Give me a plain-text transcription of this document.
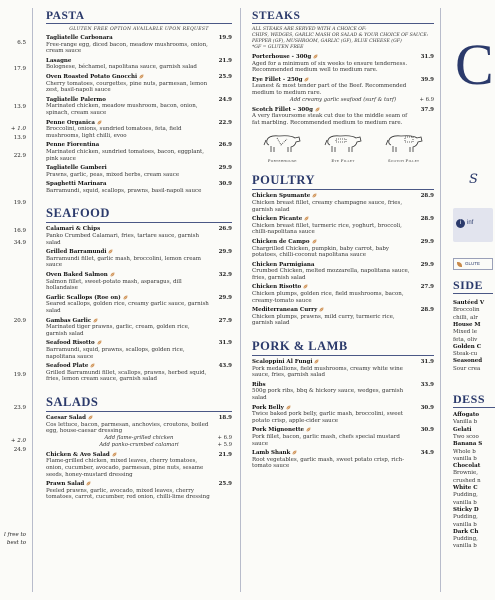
6.5
17.9
13.9
+ 1.0
13.9
22.9
19.9
16.9
34.9
20.9
19.9
23.9
+ 2.0
24.9
l free to
best to
PASTA
GLUTEN FREE OPTION AVAILABLE UPON REQUEST
Tagliatelle Carbonara	19.9
Free-range egg, diced bacon, meadow mushrooms, onion, cream sauce
Lasagne	21.9
Bolognese, béchamel, napolitana sauce, garnish salad
Oven Roasted Potato Gnocchi	25.9
Cherry tomatoes, courgettes, pine nuts, parmesan, lemon zest, basil-napoli sauce
Tagliatelle Palermo	24.9
Marinated chicken, meadow mushroom, bacon, onion, spinach, cream sauce
Penne Organica	22.9
Broccolini, onions, sundried tomatoes, feta, field mushrooms, light chilli, evoo
Penne Fiorentina	26.9
Marinated chicken, sundried tomatoes, bacon, eggplant, pink sauce
Tagliatelle Gamberi	29.9
Prawns, garlic, peas, mixed herbs, cream sauce
Spaghetti Marinara	30.9
Barramundi, squid, scallops, prawns, basil-napoli sauce
SEAFOOD
Calamari & Chips	26.9
Panko Crumbed Calamari, fries, tartare sauce, garnish salad
Grilled Barramundi	29.9
Barramundi fillet, garlic mash, broccolini, lemon cream sauce
Oven Baked Salmon	32.9
Salmon fillet, sweet-potato mash, asparagus, dill hollandaise
Garlic Scallops (Roe on)	29.9
Seared scallops, golden rice, creamy garlic sauce, garnish salad
Gambas Garlic	27.9
Marinated tiger prawns, garlic, cream, golden rice, garnish salad
Seafood Risotto	31.9
Barramundi, squid, prawns, scallops, golden rice, napolitana sauce
Seafood Plate	43.9
Grilled Barramundi fillet, scallops, prawns, herbed squid, fries, lemon cream sauce, garnish salad
SALADS
Caesar Salad	18.9
Cos lettuce, bacon, parmesan, anchovies, croutons, boiled egg, house-caesar dressing
Add flame-grilled chicken	+ 6.9
Add panko-crumbed calamari	+ 5.9
Chicken & Avo Salad	21.9
Flame-grilled chicken, mixed leaves, cherry tomatoes, onion, cucumber, avocado, parmesan, pine nuts, sesame seeds, honey-mustard dressing
Prawn Salad	25.9
Peeled prawns, garlic, avocado, mixed leaves, cherry tomatoes, carrot, cucumber, red onion, chilli-lime dressing
STEAKS
ALL STEAKS ARE SERVED WITH A CHOICE OF:
CHIPS, WEDGES, GARLIC MASH OR SALAD & YOUR CHOICE OF SAUCE:
PEPPER (GF), MUSHROOM, GARLIC (GF), BLUE CHEESE (GF)
*GF = GLUTEN FREE
Porterhouse - 300g	31.9
Aged for a minimum of six weeks to ensure tenderness. Recommended medium well to medium rare.
Eye Fillet - 250g	39.9
Leanest & most tender part of the Beef. Recommended medium to medium rare.
Add creamy garlic seafood (surf & turf)	+ 6.9
Scotch Fillet – 300g	37.9
A very flavoursome steak cut due to the middle seam of fat marbling. Recommended medium to medium rare.
Porterhouse	Eye Fillet	Scotch Fillet
POULTRY
Chicken Spumante	28.9
Chicken breast fillet, creamy champagne sauce, fries, garnish salad
Chicken Picante	28.9
Chicken breast fillet, turmeric rice, yoghurt, broccoli, chilli-napolitana sauce
Chicken de Campo	29.9
Chargrilled Chicken, pumpkin, baby carrot, baby potatoes, chilli-coconut napolitana sauce
Chicken Parmigiana	29.9
Crumbed Chicken, melted mozzarella, napolitana sauce, fries, garnish salad
Chicken Risotto	27.9
Chicken plumps, golden rice, field mushrooms, bacon, creamy-tomato sauce
Mediterranean Curry	28.9
Chicken plumps, prawns, mild curry, turmeric rice, garnish salad
PORK & LAMB
Scaloppini Al Fungi	31.9
Pork medallions, field mushrooms, creamy white wine sauce, fries, garnish salad
Ribs	33.9
500g pork ribs, bbq & hickory sauce, wedges, garnish salad
Pork Belly	30.9
Twice baked pork belly, garlic mash, broccolini, sweet potato crisp, apple-cider sauce
Pork Mignonette	30.9
Pork fillet, bacon, garlic mash, chefs special mustard sauce
Lamb Shank	34.9
Root vegetables, garlic mash, sweet potato crisp, rich-tomato sauce
C
S
i inf
GLUTE
SIDE
Sautéed V
Broccolin
chilli, alr
House M
Mixed le
feta, oliv
Golden C
Steak-cu
Seasoned
Sour crea
DESS
Affogato
Vanilla b
Gelati
Two scoo
Banana S
Whole b
vanilla b
Chocolat
Brownie,
crushed n
White C
Pudding,
vanilla b
Sticky D
Pudding,
vanilla b
Dark Ch
Pudding,
vanilla b
